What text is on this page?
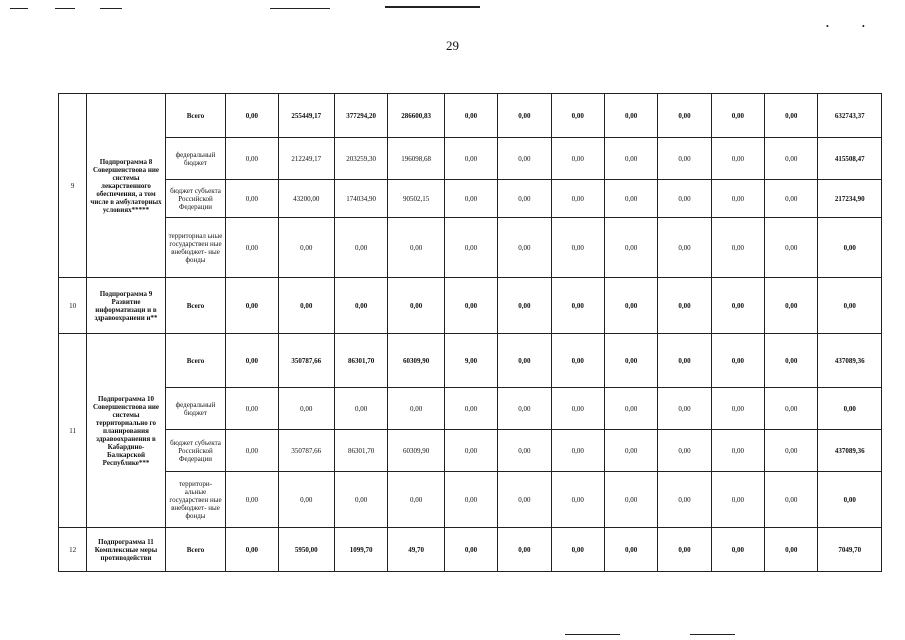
•	•
29
9	Подпрограмма 8 Совершенствова ние системы лекарственного обеспечения, а том числе в амбулаторных условиях*****	Всего	0,00	255449,17	377294,20	286600,83	0,00	0,00	0,00	0,00	0,00	0,00	0,00	632743,37
		федеральный бюджет	0,00	212249,17	203259,30	196098,68	0,00	0,00	0,00	0,00	0,00	0,00	0,00	415508,47
		бюджет субъекта Российской Федерации	0,00	43200,00	174034,90	90502,15	0,00	0,00	0,00	0,00	0,00	0,00	0,00	217234,90
		территориал ьные государствен ные внебюджет- ные фонды	0,00	0,00	0,00	0,00	0,00	0,00	0,00	0,00	0,00	0,00	0,00	0,00
10	Подпрограмма 9 Развитие информатизаци и в здравоохранени и**	Всего	0,00	0,00	0,00	0,00	0,00	0,00	0,00	0,00	0,00	0,00	0,00	0,00
11	Подпрограмма 10 Совершенствова ние системы территориально го планирования здравоохранения в Кабардино- Балкарской Республике***	Всего	0,00	350787,66	86301,70	60309,90	9,00	0,00	0,00	0,00	0,00	0,00	0,00	437089,36
		федеральный бюджет	0,00	0,00	0,00	0,00	0,00	0,00	0,00	0,00	0,00	0,00	0,00	0,00
		бюджет субъекта Российской Федерации	0,00	350787,66	86301,70	60309,90	0,00	0,00	0,00	0,00	0,00	0,00	0,00	437089,36
		территори- альные государствен ные внебюджет- ные фонды	0,00	0,00	0,00	0,00	0,00	0,00	0,00	0,00	0,00	0,00	0,00	0,00
12	Подпрограмма 11 Комплексные меры противодействи	Всего	0,00	5950,00	1099,70	49,70	0,00	0,00	0,00	0,00	0,00	0,00	0,00	7049,70
